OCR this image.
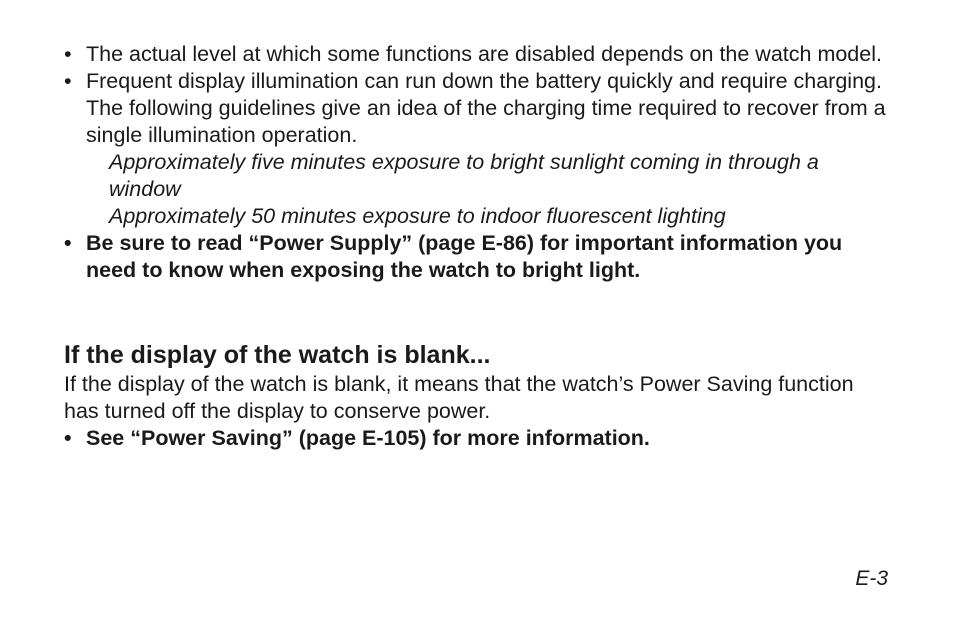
• The actual level at which some functions are disabled depends on the watch model.
• Frequent display illumination can run down the battery quickly and require charging. The following guidelines give an idea of the charging time required to recover from a single illumination operation.
Approximately five minutes exposure to bright sunlight coming in through a window
Approximately 50 minutes exposure to indoor fluorescent lighting
• Be sure to read “Power Supply” (page E-86) for important information you need to know when exposing the watch to bright light.
If the display of the watch is blank...

If the display of the watch is blank, it means that the watch’s Power Saving function has turned off the display to conserve power.

• See “Power Saving” (page E-105) for more information.
E-3
